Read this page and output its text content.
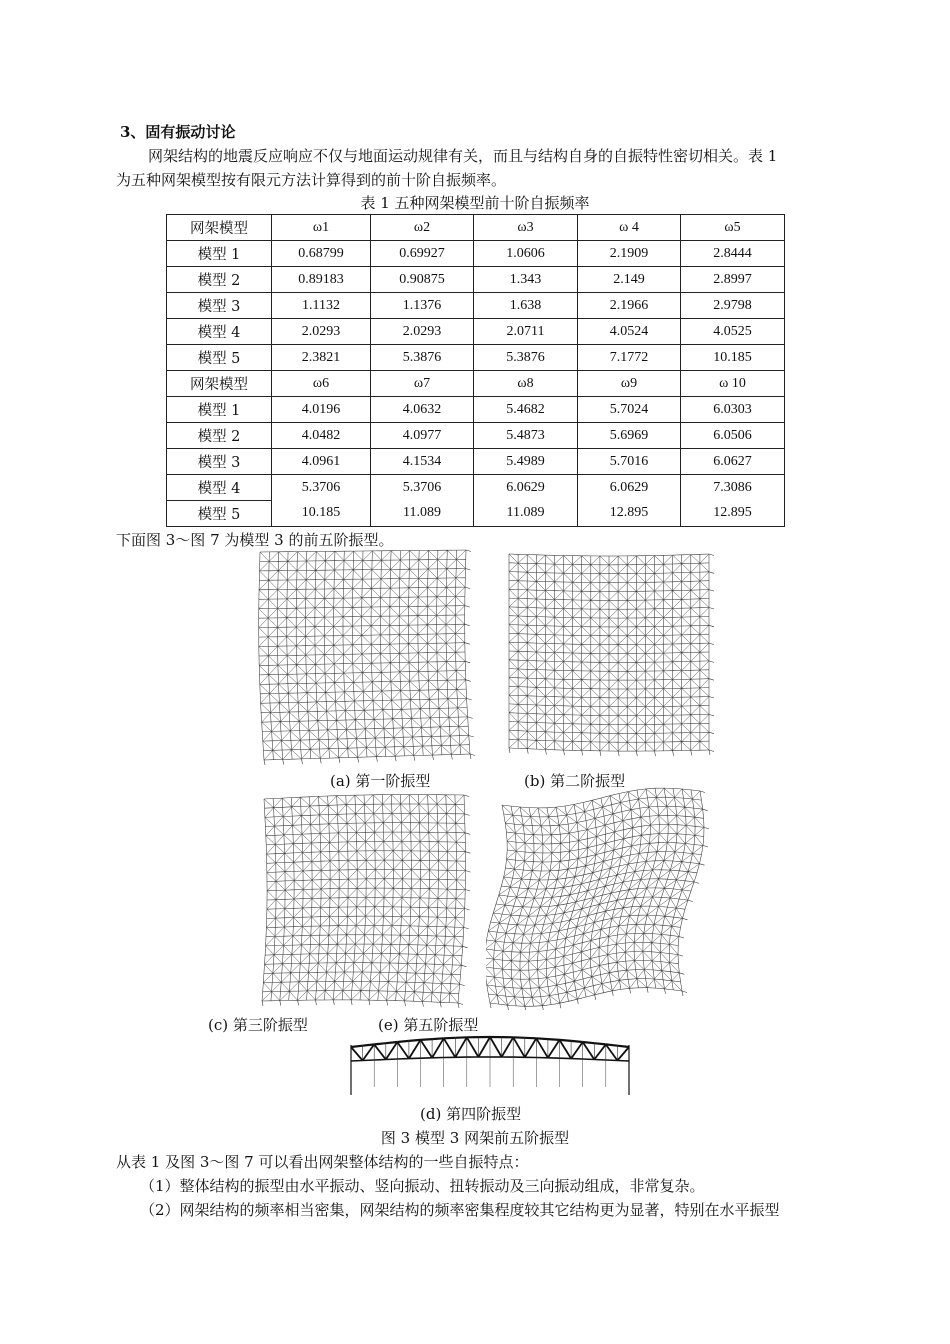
3、固有振动讨论
网架结构的地震反应响应不仅与地面运动规律有关，而且与结构自身的自振特性密切相关。表 1
为五种网架模型按有限元方法计算得到的前十阶自振频率。
表 1 五种网架模型前十阶自振频率
网架模型	ω1	ω2	ω3	ω 4	ω5
模型 1	0.68799	0.69927	1.0606	2.1909	2.8444
模型 2	0.89183	0.90875	1.343	2.149	2.8997
模型 3	1.1132	1.1376	1.638	2.1966	2.9798
模型 4	2.0293	2.0293	2.0711	4.0524	4.0525
模型 5	2.3821	5.3876	5.3876	7.1772	10.185
网架模型	ω6	ω7	ω8	ω9	ω 10
模型 1	4.0196	4.0632	5.4682	5.7024	6.0303
模型 2	4.0482	4.0977	5.4873	5.6969	6.0506
模型 3	4.0961	4.1534	5.4989	5.7016	6.0627
模型 4	5.3706	5.3706	6.0629	6.0629	7.3086
模型 5	10.185	11.089	11.089	12.895	12.895
下面图 3～图 7 为模型 3 的前五阶振型。
(a) 第一阶振型	(b) 第二阶振型
(c) 第三阶振型	(e) 第五阶振型
(d) 第四阶振型
图 3 模型 3 网架前五阶振型
从表 1 及图 3～图 7 可以看出网架整体结构的一些自振特点：
（1）整体结构的振型由水平振动、竖向振动、扭转振动及三向振动组成，非常复杂。
（2）网架结构的频率相当密集，网架结构的频率密集程度较其它结构更为显著，特别在水平振型
